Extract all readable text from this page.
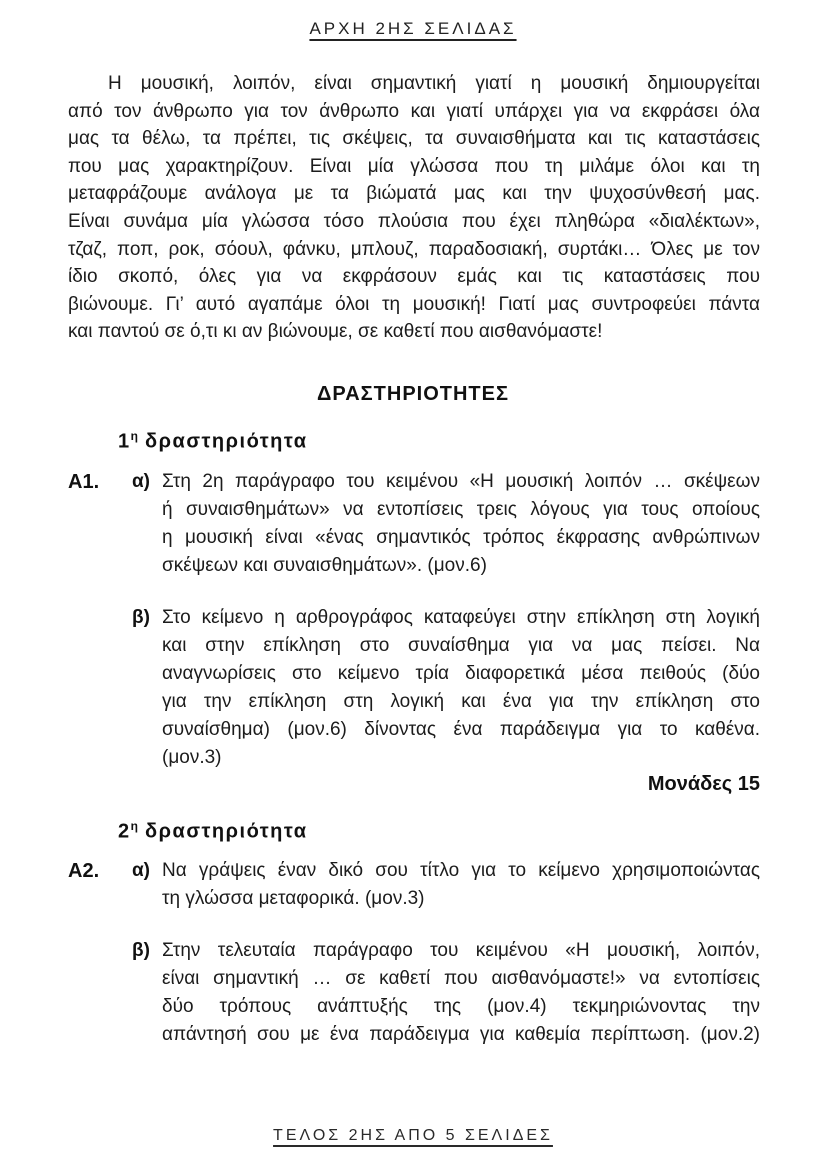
ΑΡΧΗ 2ΗΣ ΣΕΛΙΔΑΣ
Η μουσική, λοιπόν, είναι σημαντική γιατί η μουσική δημιουργείται
από τον άνθρωπο για τον άνθρωπο και γιατί υπάρχει για να εκφράσει όλα
μας τα θέλω, τα πρέπει, τις σκέψεις, τα συναισθήματα και τις καταστάσεις
που μας χαρακτηρίζουν. Είναι μία γλώσσα που τη μιλάμε όλοι και τη
μεταφράζουμε ανάλογα με τα βιώματά μας και την ψυχοσύνθεσή μας.
Είναι συνάμα μία γλώσσα τόσο πλούσια που έχει πληθώρα «διαλέκτων»,
τζαζ, ποπ, ροκ, σόουλ, φάνκυ, μπλουζ, παραδοσιακή, συρτάκι… Όλες με τον
ίδιο σκοπό, όλες για να εκφράσουν εμάς και τις καταστάσεις που
βιώνουμε. Γι’ αυτό αγαπάμε όλοι τη μουσική! Γιατί μας συντροφεύει πάντα
και παντού σε ό,τι κι αν βιώνουμε, σε καθετί που αισθανόμαστε!
ΔΡΑΣΤΗΡΙΟΤΗΤΕΣ
$1^\eta$ δραστηριότητα
Α1.	α) Στη 2η παράγραφο του κειμένου «Η μουσική λοιπόν … σκέψεων
ή συναισθημάτων» να εντοπίσεις τρεις λόγους για τους οποίους
η μουσική είναι «ένας σημαντικός τρόπος έκφρασης ανθρώπινων
σκέψεων και συναισθημάτων». (μον.6)
β) Στο κείμενο η αρθρογράφος καταφεύγει στην επίκληση στη λογική
και στην επίκληση στο συναίσθημα για να μας πείσει. Να
αναγνωρίσεις στο κείμενο τρία διαφορετικά μέσα πειθούς (δύο
για την επίκληση στη λογική και ένα για την επίκληση στο
συναίσθημα) (μον.6) δίνοντας ένα παράδειγμα για το καθένα.
(μον.3)
Μονάδες 15
$2^\eta$ δραστηριότητα
Α2.	α) Να γράψεις έναν δικό σου τίτλο για το κείμενο χρησιμοποιώντας
τη γλώσσα μεταφορικά. (μον.3)
β) Στην τελευταία παράγραφο του κειμένου «Η μουσική, λοιπόν,
είναι σημαντική … σε καθετί που αισθανόμαστε!» να εντοπίσεις
δύο τρόπους ανάπτυξής της (μον.4) τεκμηριώνοντας την
απάντησή σου με ένα παράδειγμα για καθεμία περίπτωση. (μον.2)
ΤΕΛΟΣ 2ΗΣ ΑΠΟ 5 ΣΕΛΙΔΕΣ
